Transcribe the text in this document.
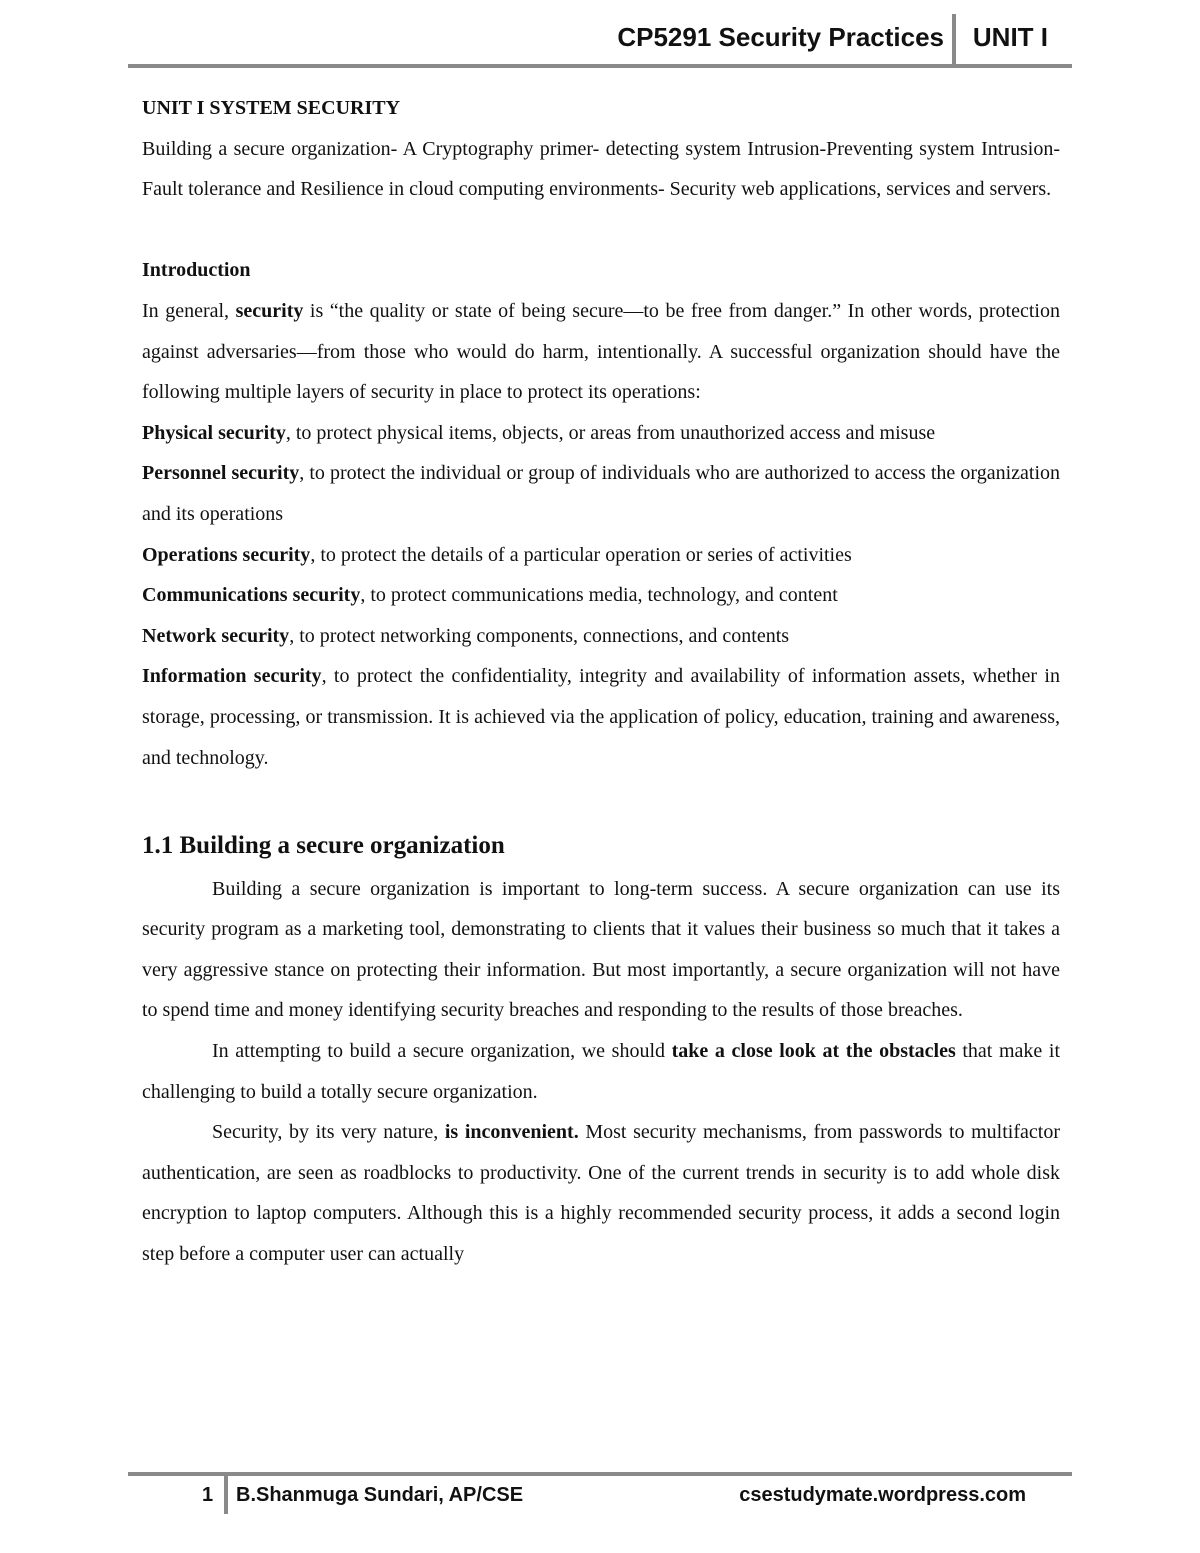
CP5291 Security Practices UNIT I

UNIT I SYSTEM SECURITY

Building a secure organization- A Cryptography primer- detecting system Intrusion-Preventing system Intrusion- Fault tolerance and Resilience in cloud computing environments- Security web applications, services and servers.

Introduction

In general, security is “the quality or state of being secure—to be free from danger.” In other words, protection against adversaries—from those who would do harm, intentionally. A successful organization should have the following multiple layers of security in place to protect its operations:

Physical security, to protect physical items, objects, or areas from unauthorized access and misuse

Personnel security, to protect the individual or group of individuals who are authorized to access the organization and its operations

Operations security, to protect the details of a particular operation or series of activities

Communications security, to protect communications media, technology, and content

Network security, to protect networking components, connections, and contents

Information security, to protect the confidentiality, integrity and availability of information assets, whether in storage, processing, or transmission. It is achieved via the application of policy, education, training and awareness, and technology.

1.1 Building a secure organization

Building a secure organization is important to long-term success. A secure organization can use its security program as a marketing tool, demonstrating to clients that it values their business so much that it takes a very aggressive stance on protecting their information. But most importantly, a secure organization will not have to spend time and money identifying security breaches and responding to the results of those breaches.

In attempting to build a secure organization, we should take a close look at the obstacles that make it challenging to build a totally secure organization.

Security, by its very nature, is inconvenient. Most security mechanisms, from passwords to multifactor authentication, are seen as roadblocks to productivity. One of the current trends in security is to add whole disk encryption to laptop computers. Although this is a highly recommended security process, it adds a second login step before a computer user can actually

1 B.Shanmuga Sundari, AP/CSE	csestudymate.wordpress.com
